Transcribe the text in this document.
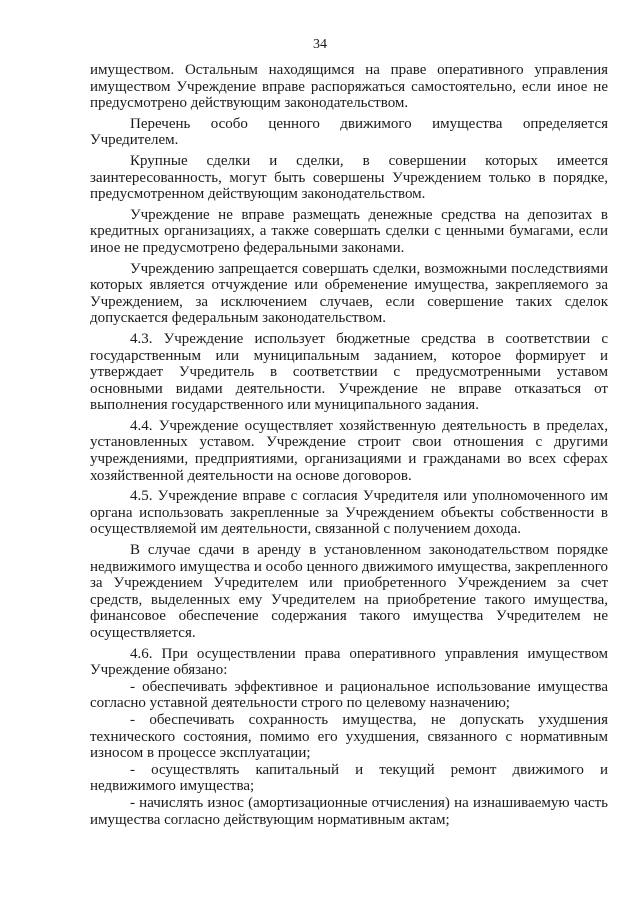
34

имуществом. Остальным находящимся на праве оперативного управления имуществом Учреждение вправе распоряжаться самостоятельно, если иное не предусмотрено действующим законодательством.

Перечень особо ценного движимого имущества определяется Учредителем.

Крупные сделки и сделки, в совершении которых имеется заинтересованность, могут быть совершены Учреждением только в порядке, предусмотренном действующим законодательством.

Учреждение не вправе размещать денежные средства на депозитах в кредитных организациях, а также совершать сделки с ценными бумагами, если иное не предусмотрено федеральными законами.

Учреждению запрещается совершать сделки, возможными последствиями которых является отчуждение или обременение имущества, закрепляемого за Учреждением, за исключением случаев, если совершение таких сделок допускается федеральным законодательством.

4.3. Учреждение использует бюджетные средства в соответствии с государственным или муниципальным заданием, которое формирует и утверждает Учредитель в соответствии с предусмотренными уставом основными видами деятельности. Учреждение не вправе отказаться от выполнения государственного или муниципального задания.

4.4. Учреждение осуществляет хозяйственную деятельность в пределах, установленных уставом. Учреждение строит свои отношения с другими учреждениями, предприятиями, организациями и гражданами во всех сферах хозяйственной деятельности на основе договоров.

4.5. Учреждение вправе с согласия Учредителя или уполномоченного им органа использовать закрепленные за Учреждением объекты собственности в осуществляемой им деятельности, связанной с получением дохода.

В случае сдачи в аренду в установленном законодательством порядке недвижимого имущества и особо ценного движимого имущества, закрепленного за Учреждением Учредителем или приобретенного Учреждением за счет средств, выделенных ему Учредителем на приобретение такого имущества, финансовое обеспечение содержания такого имущества Учредителем не осуществляется.

4.6. При осуществлении права оперативного управления имуществом Учреждение обязано:

- обеспечивать эффективное и рациональное использование имущества согласно уставной деятельности строго по целевому назначению;

- обеспечивать сохранность имущества, не допускать ухудшения технического состояния, помимо его ухудшения, связанного с нормативным износом в процессе эксплуатации;

- осуществлять капитальный и текущий ремонт движимого и недвижимого имущества;

- начислять износ (амортизационные отчисления) на изнашиваемую часть имущества согласно действующим нормативным актам;
